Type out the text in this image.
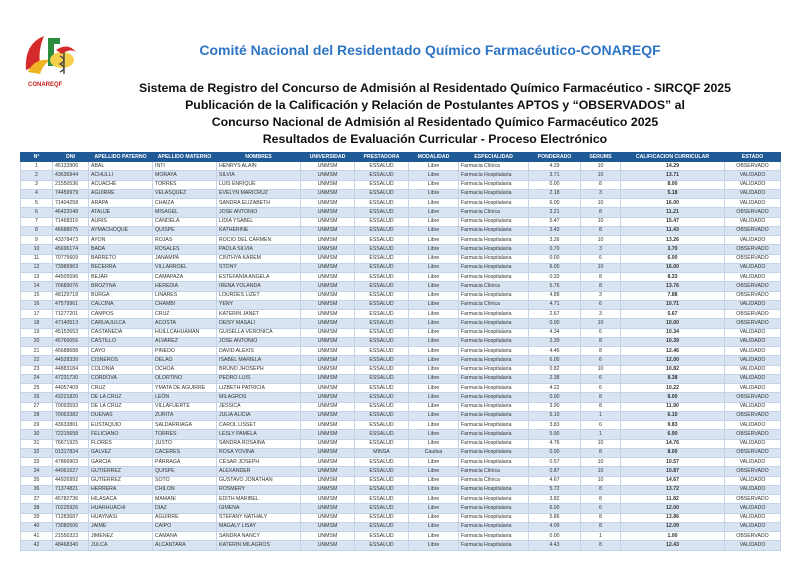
CONAREQF
Comité Nacional del Residentado Químico Farmacéutico-CONAREQF
Sistema de Registro del Concurso de Admisión al Residentado Químico Farmacéutico - SIRCQF 2025
Publicación de la Calificación y Relación de Postulantes APTOS y “OBSERVADOS” al
Concurso Nacional de Admisión al Residentado Químico Farmacéutico 2025
Resultados de Evaluación Curricular - Proceso Electrónico
N°	DNI	APELLIDO PATERNO	APELLIDO MATERNO	NOMBRES	UNIVERSIDAD	PRESTADORA	MODALIDAD	ESPECIALIDAD	PONDERADO	SERUMS	CALIFICACION CURRICULAR	ESTADO
1	45133906	ABAL	INTI	HENRYS ALAIN	UNMSM	ESSALUD	Libre	Farmacia Clínica	4.29	10	14.29	OBSERVADO
2	43636944	ACHULLI	MORAYA	SILVIA	UNMSM	ESSALUD	Libre	Farmacia Hospitalaria	3.71	10	13.71	VALIDADO
3	21550536	ACUACHE	TORRES	LUIS ENRIQUE	UNMSM	ESSALUD	Libre	Farmacia Hospitalaria	0.00	8	8.00	VALIDADO
4	74459979	AGUIRRE	VELASQUEZ	EVELYN MARICRUZ	UNMSM	ESSALUD	Libre	Farmacia Hospitalaria	2.18	3	5.18	VALIDADO
5	71404258	ARAPA	CHAIZA	SANDRA ELIZABETH	UNMSM	ESSALUD	Libre	Farmacia Hospitalaria	6.00	10	16.00	VALIDADO
6	46422048	ATAUJE	MISAGEL	JOSE ANTONIO	UNMSM	ESSALUD	Libre	Farmacia Clínica	3.21	8	11.21	OBSERVADO
7	71468316	AURIS	CANDELA	LIDIA YSABEL	UNMSM	ESSALUD	Libre	Farmacia Hospitalaria	5.47	10	15.47	VALIDADO
8	46688075	AYMACHOQUE	QUISPE	KATHERINE	UNMSM	ESSALUD	Libre	Farmacia Hospitalaria	3.43	8	11.43	OBSERVADO
9	43378473	AYON	ROJAS	ROCIO DEL CARMEN	UNMSM	ESSALUD	Libre	Farmacia Hospitalaria	3.26	10	13.26	VALIDADO
10	45696174	BADA	ROSALES	PAOLA SILVIA	UNMSM	ESSALUD	Libre	Farmacia Hospitalaria	0.70	3	3.70	OBSERVADO
11	70775609	BARRETO	JANAMPA	CINTHYA KAREM	UNMSM	ESSALUD	Libre	Farmacia Hospitalaria	0.00	6	6.00	OBSERVADO
12	73989963	BECERRA	VILLARROEL	STONY	UNMSM	ESSALUD	Libre	Farmacia Hospitalaria	6.00	10	16.00	VALIDADO
13	44505596	BEJAR	CAMAPAZA	ESTEFANÍA ANGELA	UNMSM	ESSALUD	Libre	Farmacia Hospitalaria	0.33	8	8.33	VALIDADO
14	70689076	BROZYNA	HEREDIA	IRENA YOLANDA	UNMSM	ESSALUD	Libre	Farmacia Clínica	5.76	8	13.76	OBSERVADO
15	48129718	BURGA	LINARES	LOURDES LIZET	UNMSM	ESSALUD	Libre	Farmacia Hospitalaria	4.88	3	7.88	OBSERVADO
16	47579961	CALCINA	CHAMBI	YENY	UNMSM	ESSALUD	Libre	Farmacia Clínica	4.71	6	10.71	VALIDADO
17	71277201	CAMPOS	CRUZ	KATERIN JANET	UNMSM	ESSALUD	Libre	Farmacia Hospitalaria	2.67	3	5.67	OBSERVADO
18	47140513	CARUAJULCA	ACOSTA	DEISY MASALI	UNMSM	ESSALUD	Libre	Farmacia Hospitalaria	0.00	10	10.00	OBSERVADO
19	45153653	CASTAÑEDA	HUILLCAHUAMAN	GUISELLA VERONICA	UNMSM	ESSALUD	Libre	Farmacia Hospitalaria	4.34	6	10.34	VALIDADO
20	45760056	CASTILLO	ALVAREZ	JOSÉ ANTONIO	UNMSM	ESSALUD	Libre	Farmacia Hospitalaria	2.39	8	10.39	VALIDADO
21	45688688	CAYO	PINEDO	DAVID ALEXIS	UNMSM	ESSALUD	Libre	Farmacia Hospitalaria	4.46	8	12.46	VALIDADO
22	44528339	CISNEROS	DELAO	ISABEL MARIELA	UNMSM	ESSALUD	Libre	Farmacia Hospitalaria	6.00	6	12.00	VALIDADO
23	44883184	COLONIA	OCHOA	BRUNO JHOSEPH	UNMSM	ESSALUD	Libre	Farmacia Hospitalaria	0.82	10	10.82	VALIDADO
24	47231730	CÓRDOVA	OLORTINO	PEDRO LUIS	UNMSM	ESSALUD	Libre	Farmacia Hospitalaria	2.38	6	8.38	VALIDADO
25	44057409	CRUZ	YMATA DE AGUIRRE	LIZBETH PATRICIA	UNMSM	ESSALUD	Libre	Farmacia Hospitalaria	4.22	6	10.22	VALIDADO
26	43221820	DE LA CRUZ	LEÓN	MILAGROS	UNMSM	ESSALUD	Libre	Farmacia Hospitalaria	0.00	8	8.00	OBSERVADO
27	70093593	DE LA CRUZ	VILLAFUERTE	JESSICA	UNMSM	ESSALUD	Libre	Farmacia Hospitalaria	3.90	8	11.90	VALIDADO
28	70063382	DUEÑAS	ZURITA	JULIA ALICIA	UNMSM	ESSALUD	Libre	Farmacia Hospitalaria	5.10	1	6.10	OBSERVADO
29	43633801	EUSTAQUIO	SALDARRIAGA	CAROL LISSET	UNMSM	ESSALUD	Libre	Farmacia Hospitalaria	3.83	6	9.83	VALIDADO
30	72215658	FELICIANO	TORRES	LESLY PAMELA	UNMSM	ESSALUD	Libre	Farmacia Hospitalaria	5.90	1	6.90	OBSERVADO
31	76671925	FLORES	JUSTO	SANDRA ROSAINA	UNMSM	ESSALUD	Libre	Farmacia Hospitalaria	4.76	10	14.76	VALIDADO
32	01317834	GALVEZ	CACERES	ROSA YOVINA	UNMSM	MINSA	Cautiva	Farmacia Hospitalaria	0.00	8	8.00	OBSERVADO
33	47866903	GARCÍA	PÁRRAGA	CÉSAR JOSEPH	UNMSM	ESSALUD	Libre	Farmacia Hospitalaria	0.57	10	10.57	VALIDADO
34	44061627	GUTIÉRREZ	QUISPE	ALEXANDER	UNMSM	ESSALUD	Libre	Farmacia Clínica	0.87	10	10.87	OBSERVADO
35	44926992	GUTIÉRREZ	SOTO	GUSTAVO JONATHAN	UNMSM	ESSALUD	Libre	Farmacia Clínica	4.67	10	14.67	VALIDADO
36	71374821	HERRERA	CHILON	ROSMERY	UNMSM	ESSALUD	Libre	Farmacia Hospitalaria	5.72	8	13.72	VALIDADO
37	45782736	HILASACA	MAMANI	EDITH MARIBEL	UNMSM	ESSALUD	Libre	Farmacia Hospitalaria	3.82	8	11.82	OBSERVADO
38	70225926	HUARHUACHI	DIAZ	GIMENA	UNMSM	ESSALUD	Libre	Farmacia Hospitalaria	6.00	6	12.00	VALIDADO
39	71283687	HUAYNASI	AGUIRRE	STEFANY NATHALY	UNMSM	ESSALUD	Libre	Farmacia Hospitalaria	5.86	8	13.86	VALIDADO
40	73080506	JAIME	CAIPO	MAGALY LISAY	UNMSM	ESSALUD	Libre	Farmacia Hospitalaria	4.09	8	12.09	VALIDADO
41	21550323	JIMENEZ	CAMANA	SANDRA NANCY	UNMSM	ESSALUD	Libre	Farmacia Hospitalaria	0.00	1	1.00	OBSERVADO
42	48468340	JULCA	ALCANTARA	KATERIN MILAGROS	UNMSM	ESSALUD	Libre	Farmacia Hospitalaria	4.43	8	12.43	VALIDADO
